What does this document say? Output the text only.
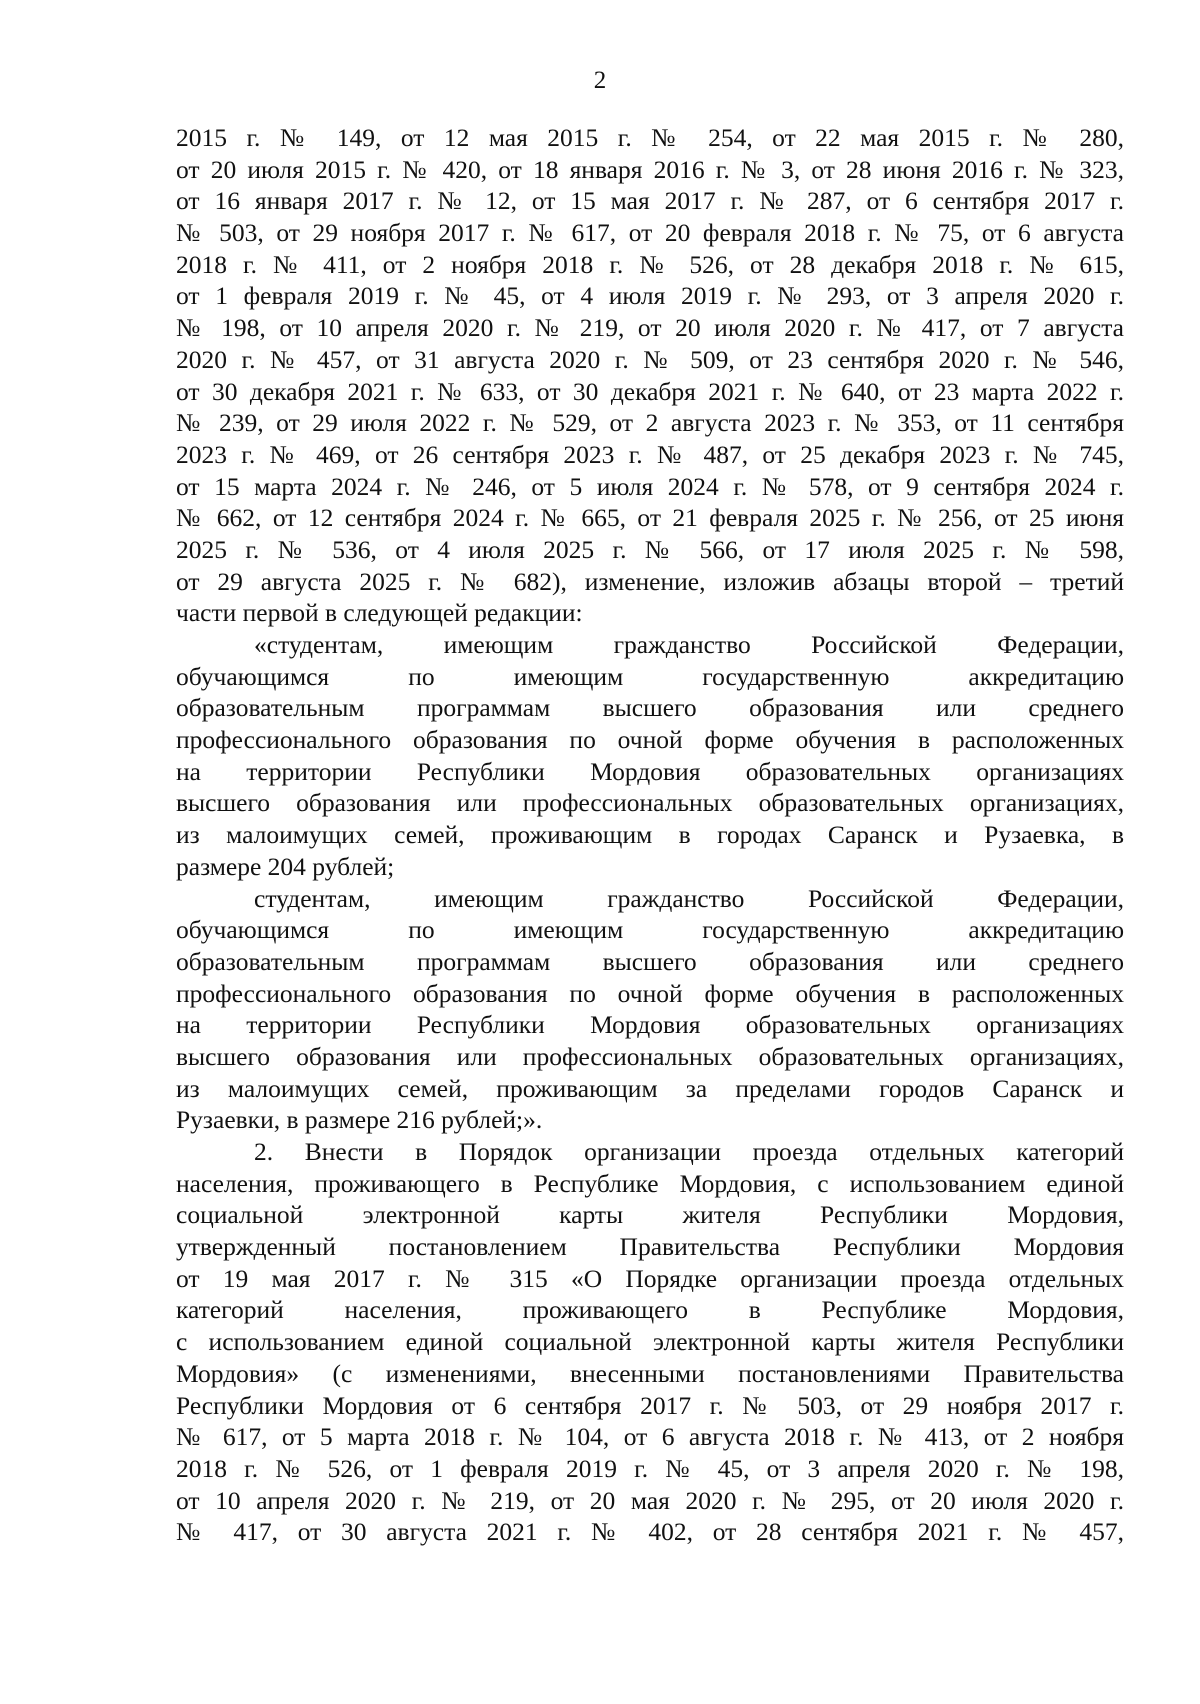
2
2015 г. № 149, от 12 мая 2015 г. № 254, от 22 мая 2015 г. № 280,
от 20 июля 2015 г. № 420, от 18 января 2016 г. № 3, от 28 июня 2016 г. № 323,
от 16 января 2017 г. № 12, от 15 мая 2017 г. № 287, от 6 сентября 2017 г.
№ 503, от 29 ноября 2017 г. № 617, от 20 февраля 2018 г. № 75, от 6 августа
2018 г. № 411, от 2 ноября 2018 г. № 526, от 28 декабря 2018 г. № 615,
от 1 февраля 2019 г. № 45, от 4 июля 2019 г. № 293, от 3 апреля 2020 г.
№ 198, от 10 апреля 2020 г. № 219, от 20 июля 2020 г. № 417, от 7 августа
2020 г. № 457, от 31 августа 2020 г. № 509, от 23 сентября 2020 г. № 546,
от 30 декабря 2021 г. № 633, от 30 декабря 2021 г. № 640, от 23 марта 2022 г.
№ 239, от 29 июля 2022 г. № 529, от 2 августа 2023 г. № 353, от 11 сентября
2023 г. № 469, от 26 сентября 2023 г. № 487, от 25 декабря 2023 г. № 745,
от 15 марта 2024 г. № 246, от 5 июля 2024 г. № 578, от 9 сентября 2024 г.
№ 662, от 12 сентября 2024 г. № 665, от 21 февраля 2025 г. № 256, от 25 июня
2025 г. № 536, от 4 июля 2025 г. № 566, от 17 июля 2025 г. № 598,
от 29 августа 2025 г. № 682), изменение, изложив абзацы второй – третий
части первой в следующей редакции:
«студентам, имеющим гражданство Российской Федерации,
обучающимся по имеющим государственную аккредитацию
образовательным программам высшего образования или среднего
профессионального образования по очной форме обучения в расположенных
на территории Республики Мордовия образовательных организациях
высшего образования или профессиональных образовательных организациях,
из малоимущих семей, проживающим в городах Саранск и Рузаевка, в
размере 204 рублей;
студентам, имеющим гражданство Российской Федерации,
обучающимся по имеющим государственную аккредитацию
образовательным программам высшего образования или среднего
профессионального образования по очной форме обучения в расположенных
на территории Республики Мордовия образовательных организациях
высшего образования или профессиональных образовательных организациях,
из малоимущих семей, проживающим за пределами городов Саранск и
Рузаевки, в размере 216 рублей;».
2. Внести в Порядок организации проезда отдельных категорий
населения, проживающего в Республике Мордовия, с использованием единой
социальной электронной карты жителя Республики Мордовия,
утвержденный постановлением Правительства Республики Мордовия
от 19 мая 2017 г. № 315 «О Порядке организации проезда отдельных
категорий населения, проживающего в Республике Мордовия,
с использованием единой социальной электронной карты жителя Республики
Мордовия» (с изменениями, внесенными постановлениями Правительства
Республики Мордовия от 6 сентября 2017 г. № 503, от 29 ноября 2017 г.
№ 617, от 5 марта 2018 г. № 104, от 6 августа 2018 г. № 413, от 2 ноября
2018 г. № 526, от 1 февраля 2019 г. № 45, от 3 апреля 2020 г. № 198,
от 10 апреля 2020 г. № 219, от 20 мая 2020 г. № 295, от 20 июля 2020 г.
№ 417, от 30 августа 2021 г. № 402, от 28 сентября 2021 г. № 457,
